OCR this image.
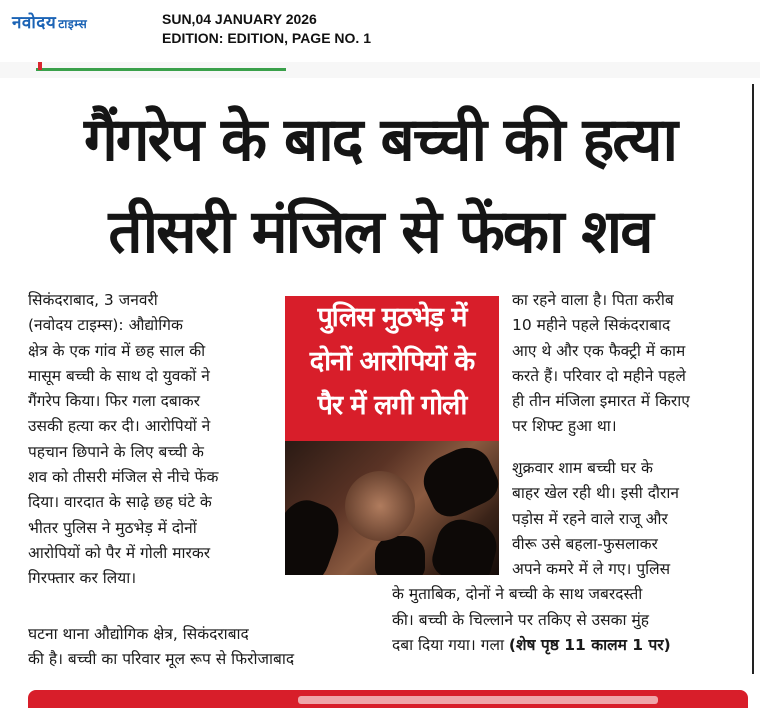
नवोदय टाइम्स	SUN,04 JANUARY 2026
EDITION: EDITION, PAGE NO. 1
गैंगरेप के बाद बच्ची की हत्या
तीसरी मंजिल से फेंका शव
सिकंदराबाद, 3 जनवरी
(नवोदय टाइम्स): औद्योगिक
क्षेत्र के एक गांव में छह साल की
मासूम बच्ची के साथ दो युवकों ने
गैंगरेप किया। फिर गला दबाकर
उसकी हत्या कर दी। आरोपियों ने
पहचान छिपाने के लिए बच्ची के
शव को तीसरी मंजिल से नीचे फेंक
दिया। वारदात के साढ़े छह घंटे के
भीतर पुलिस ने मुठभेड़ में दोनों
आरोपियों को पैर में गोली मारकर
गिरफ्तार कर लिया।
घटना थाना औद्योगिक क्षेत्र, सिकंदराबाद
की है। बच्ची का परिवार मूल रूप से फिरोजाबाद
पुलिस मुठभेड़ में
दोनों आरोपियों के
पैर में लगी गोली
का रहने वाला है। पिता करीब
10 महीने पहले सिकंदराबाद
आए थे और एक फैक्ट्री में काम
करते हैं। परिवार दो महीने पहले
ही तीन मंजिला इमारत में किराए
पर शिफ्ट हुआ था।
शुक्रवार शाम बच्ची घर के
बाहर खेल रही थी। इसी दौरान
पड़ोस में रहने वाले राजू और
वीरू उसे बहला-फुसलाकर
अपने कमरे में ले गए। पुलिस
के मुताबिक, दोनों ने बच्ची के साथ जबरदस्ती
की। बच्ची के चिल्लाने पर तकिए से उसका मुंह
दबा दिया गया। गला (शेष पृष्ठ 11 कालम 1 पर)
